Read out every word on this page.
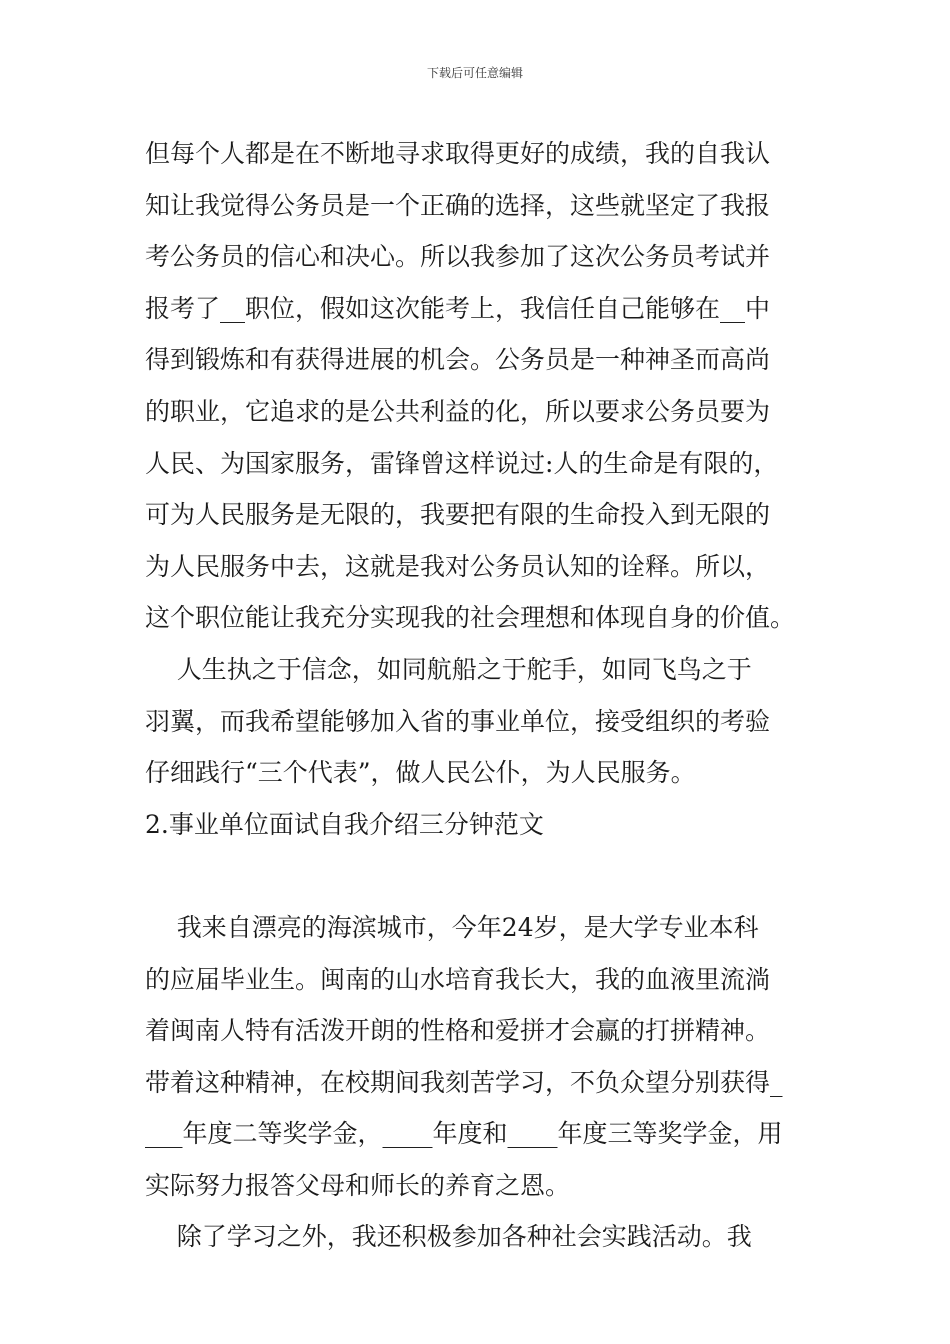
下载后可任意编辑
但每个人都是在不断地寻求取得更好的成绩，我的自我认
知让我觉得公务员是一个正确的选择，这些就坚定了我报
考公务员的信心和决心。所以我参加了这次公务员考试并
报考了__职位，假如这次能考上，我信任自己能够在__中
得到锻炼和有获得进展的机会。公务员是一种神圣而高尚
的职业，它追求的是公共利益的化，所以要求公务员要为
人民、为国家服务，雷锋曾这样说过:人的生命是有限的，
可为人民服务是无限的，我要把有限的生命投入到无限的
为人民服务中去，这就是我对公务员认知的诠释。所以，
这个职位能让我充分实现我的社会理想和体现自身的价值。
人生执之于信念，如同航船之于舵手，如同飞鸟之于
羽翼，而我希望能够加入省的事业单位，接受组织的考验
仔细践行“三个代表”，做人民公仆，为人民服务。
2.事业单位面试自我介绍三分钟范文
我来自漂亮的海滨城市，今年24岁，是大学专业本科
的应届毕业生。闽南的山水培育我长大，我的血液里流淌
着闽南人特有活泼开朗的性格和爱拼才会赢的打拼精神。
带着这种精神，在校期间我刻苦学习，不负众望分别获得_
___年度二等奖学金，____年度和____年度三等奖学金，用
实际努力报答父母和师长的养育之恩。
除了学习之外，我还积极参加各种社会实践活动。我
